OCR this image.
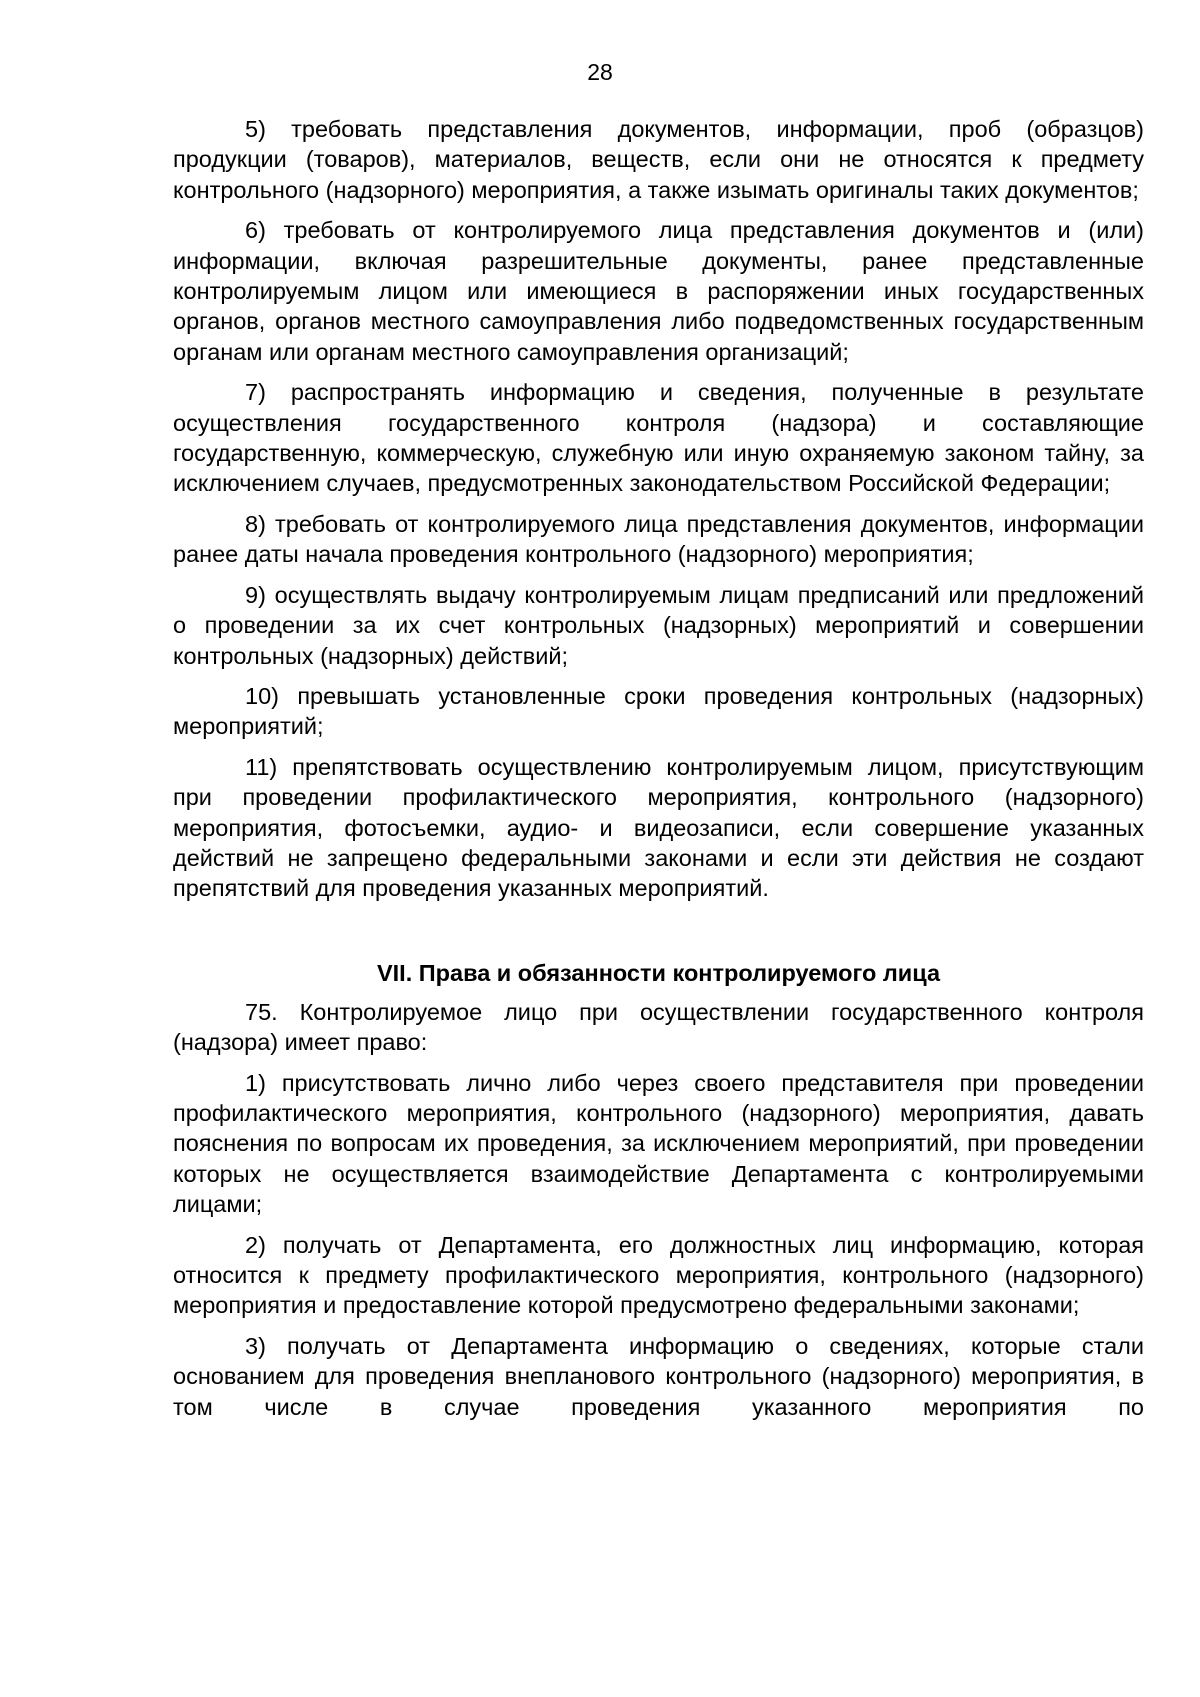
28

5) требовать представления документов, информации, проб (образцов) продукции (товаров), материалов, веществ, если они не относятся к предмету контрольного (надзорного) мероприятия, а также изымать оригиналы таких документов;

6) требовать от контролируемого лица представления документов и (или) информации, включая разрешительные документы, ранее представленные контролируемым лицом или имеющиеся в распоряжении иных государственных органов, органов местного самоуправления либо подведомственных государственным органам или органам местного самоуправления организаций;

7) распространять информацию и сведения, полученные в результате осуществления государственного контроля (надзора) и составляющие государственную, коммерческую, служебную или иную охраняемую законом тайну, за исключением случаев, предусмотренных законодательством Российской Федерации;

8) требовать от контролируемого лица представления документов, информации ранее даты начала проведения контрольного (надзорного) мероприятия;

9) осуществлять выдачу контролируемым лицам предписаний или предложений о проведении за их счет контрольных (надзорных) мероприятий и совершении контрольных (надзорных) действий;

10) превышать установленные сроки проведения контрольных (надзорных) мероприятий;

11) препятствовать осуществлению контролируемым лицом, присутствующим при проведении профилактического мероприятия, контрольного (надзорного) мероприятия, фотосъемки, аудио- и видеозаписи, если совершение указанных действий не запрещено федеральными законами и если эти действия не создают препятствий для проведения указанных мероприятий.

VII. Права и обязанности контролируемого лица

75. Контролируемое лицо при осуществлении государственного контроля (надзора) имеет право:

1) присутствовать лично либо через своего представителя при проведении профилактического мероприятия, контрольного (надзорного) мероприятия, давать пояснения по вопросам их проведения, за исключением мероприятий, при проведении которых не осуществляется взаимодействие Департамента с контролируемыми лицами;

2) получать от Департамента, его должностных лиц информацию, которая относится к предмету профилактического мероприятия, контрольного (надзорного) мероприятия и предоставление которой предусмотрено федеральными законами;

3) получать от Департамента информацию о сведениях, которые стали основанием для проведения внепланового контрольного (надзорного) мероприятия, в том числе в случае проведения указанного мероприятия по
